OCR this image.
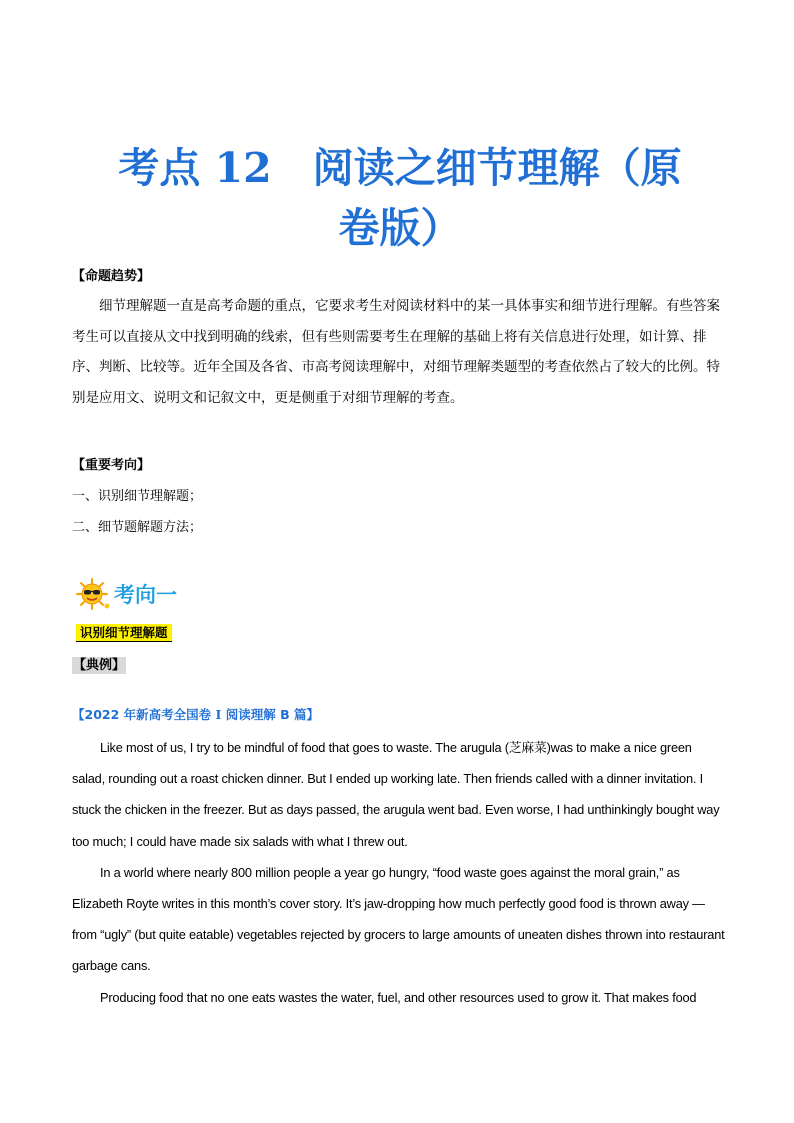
考点 12　阅读之细节理解（原
卷版）
【命题趋势】
细节理解题一直是高考命题的重点，它要求考生对阅读材料中的某一具体事实和细节进行理解。有些答案考生可以直接从文中找到明确的线索，但有些则需要考生在理解的基础上将有关信息进行处理，如计算、排序、判断、比较等。近年全国及各省、市高考阅读理解中，对细节理解类题型的考查依然占了较大的比例。特别是应用文、说明文和记叙文中，更是侧重于对细节理解的考查。
【重要考向】
一、识别细节理解题；
二、细节题解题方法；
考向一
识别细节理解题
【典例】
【2022 年新高考全国卷 I 阅读理解 B 篇】

Like most of us, I try to be mindful of food that goes to waste. The arugula (芝麻菜)was to make a nice green salad, rounding out a roast chicken dinner. But I ended up working late. Then friends called with a dinner invitation. I stuck the chicken in the freezer. But as days passed, the arugula went bad. Even worse, I had unthinkingly bought way too much; I could have made six salads with what I threw out.

In a world where nearly 800 million people a year go hungry, “food waste goes against the moral grain,” as Elizabeth Royte writes in this month’s cover story. It’s jaw-dropping how much perfectly good food is thrown away — from “ugly” (but quite eatable) vegetables rejected by grocers to large amounts of uneaten dishes thrown into restaurant garbage cans.

Producing food that no one eats wastes the water, fuel, and other resources used to grow it. That makes food
